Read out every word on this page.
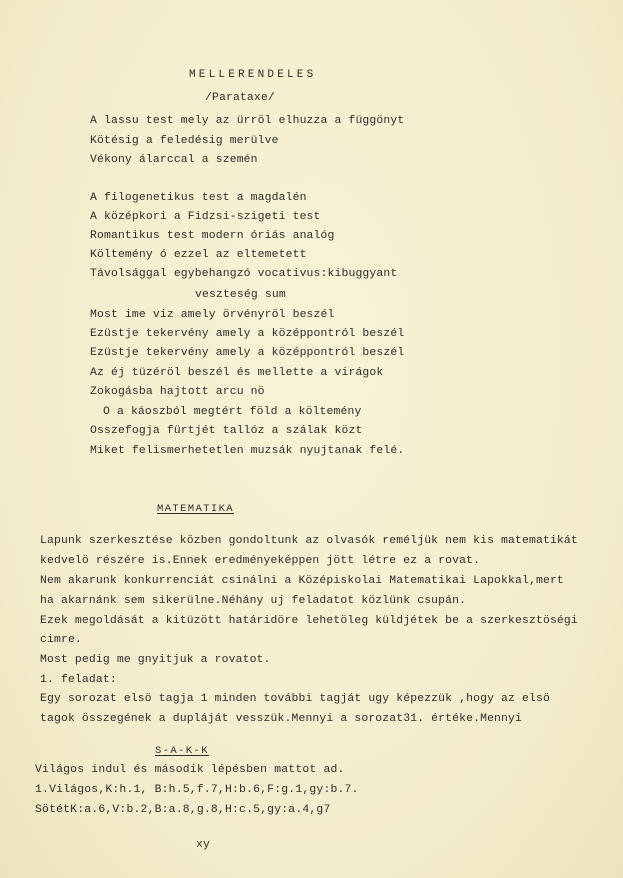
MELLERENDELES
/Parataxe/
A lassu test mely az ürröl elhuzza a függönyt
Kötésig a feledésig merülve
Vékony álarccal a szemén
A filogenetikus test a magdalén
A középkori a Fidzsi-szigeti test
Romantikus test modern óriás analóg
Költemény ó ezzel az eltemetett
Távolsággal egybehangzó vocativus:kibuggyant
veszteség sum
Most ime viz amely örvényröl beszél
Ezüstje tekervény amely a középpontról beszél
Ezüstje tekervény amely a középpontról beszél
Az éj tüzéröl beszél és mellette a virágok
Zokogásba hajtott arcu nö
O a káoszból megtért föld a költemény
Osszefogja fürtjét tallóz a szálak közt
Miket felismerhetetlen muzsák nyujtanak felé.
MATEMATIKA
Lapunk szerkesztése közben gondoltunk az olvasók reméljük nem kis matematikát
kedvelö részére is.Ennek eredményeképpen jött létre ez a rovat.
Nem akarunk konkurrenciát csinálni a Középiskolai Matematikai Lapokkal,mert
ha akarnánk sem sikerülne.Néhány uj feladatot közlünk csupán.
Ezek megoldását a kitüzött határidöre lehetöleg küldjétek be a szerkesztöségi
cimre.
Most pedig me gnyitjuk a rovatot.
1. feladat:
Egy sorozat elsö tagja 1 minden további tagját ugy képezzük ,hogy az elsö
tagok összegének a dupláját vesszük.Mennyi a sorozat31. értéke.Mennyi
S-A-K-K
Világos indul és második lépésben mattot ad.
1.Világos,K:h.1, B:h.5,f.7,H:b.6,F:g.1,gy:b.7.
SötétK:a.6,V:b.2,B:a.8,g.8,H:c.5,gy:a.4,g7
xy
